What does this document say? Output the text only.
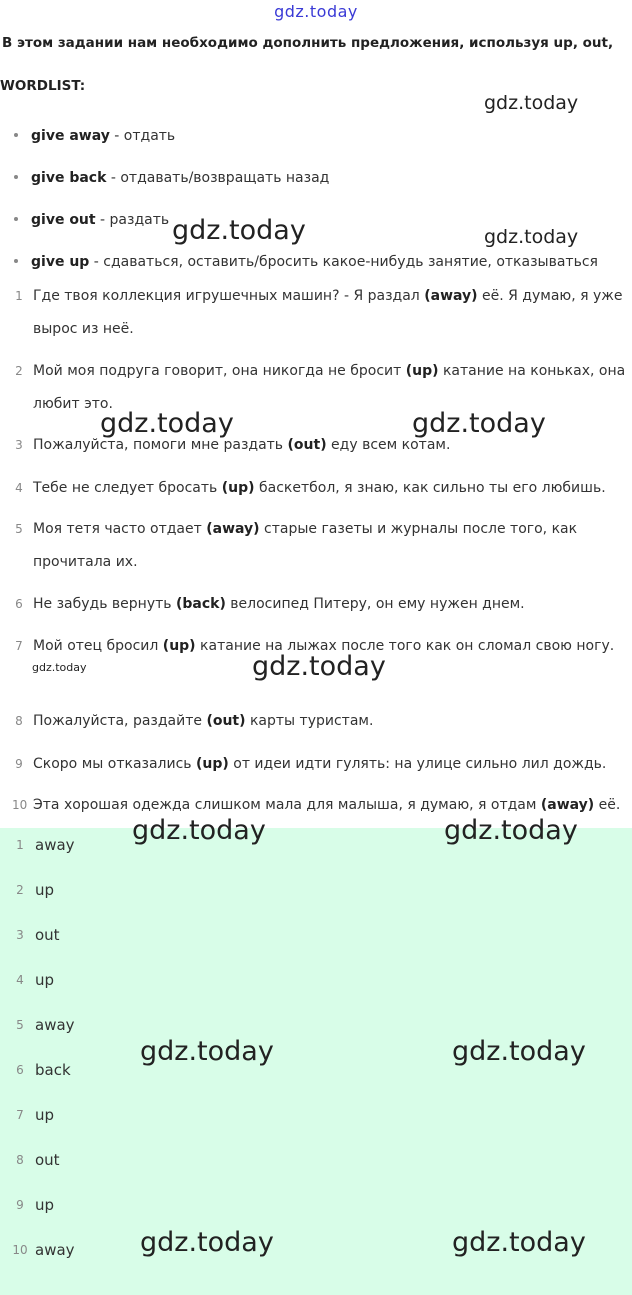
gdz.today
В этом задании нам необходимо дополнить предложения, используя up, out,
WORDLIST:
give away - отдать
give back - отдавать/возвращать назад
give out - раздать
give up - сдаваться, оставить/бросить какое-нибудь занятие, отказываться
1 Где твоя коллекция игрушечных машин? - Я раздал (away) её. Я думаю, я уже вырос из неё.
2 Мой моя подруга говорит, она никогда не бросит (up) катание на коньках, она любит это.
3 Пожалуйста, помоги мне раздать (out) еду всем котам.
4 Тебе не следует бросать (up) баскетбол, я знаю, как сильно ты его любишь.
5 Моя тетя часто отдает (away) старые газеты и журналы после того, как прочитала их.
6 Не забудь вернуть (back) велосипед Питеру, он ему нужен днем.
7 Мой отец бросил (up) катание на лыжах после того как он сломал свою ногу.
8 Пожалуйста, раздайте (out) карты туристам.
9 Скоро мы отказались (up) от идеи идти гулять: на улице сильно лил дождь.
10 Эта хорошая одежда слишком мала для малыша, я думаю, я отдам (away) её.
1 away
2 up
3 out
4 up
5 away
6 back
7 up
8 out
9 up
10 away
gdz.today
gdz.today	gdz.today
gdz.today	gdz.today
gdz.today	gdz.today
gdz.today	gdz.today
gdz.today	gdz.today
gdz.today	gdz.today
